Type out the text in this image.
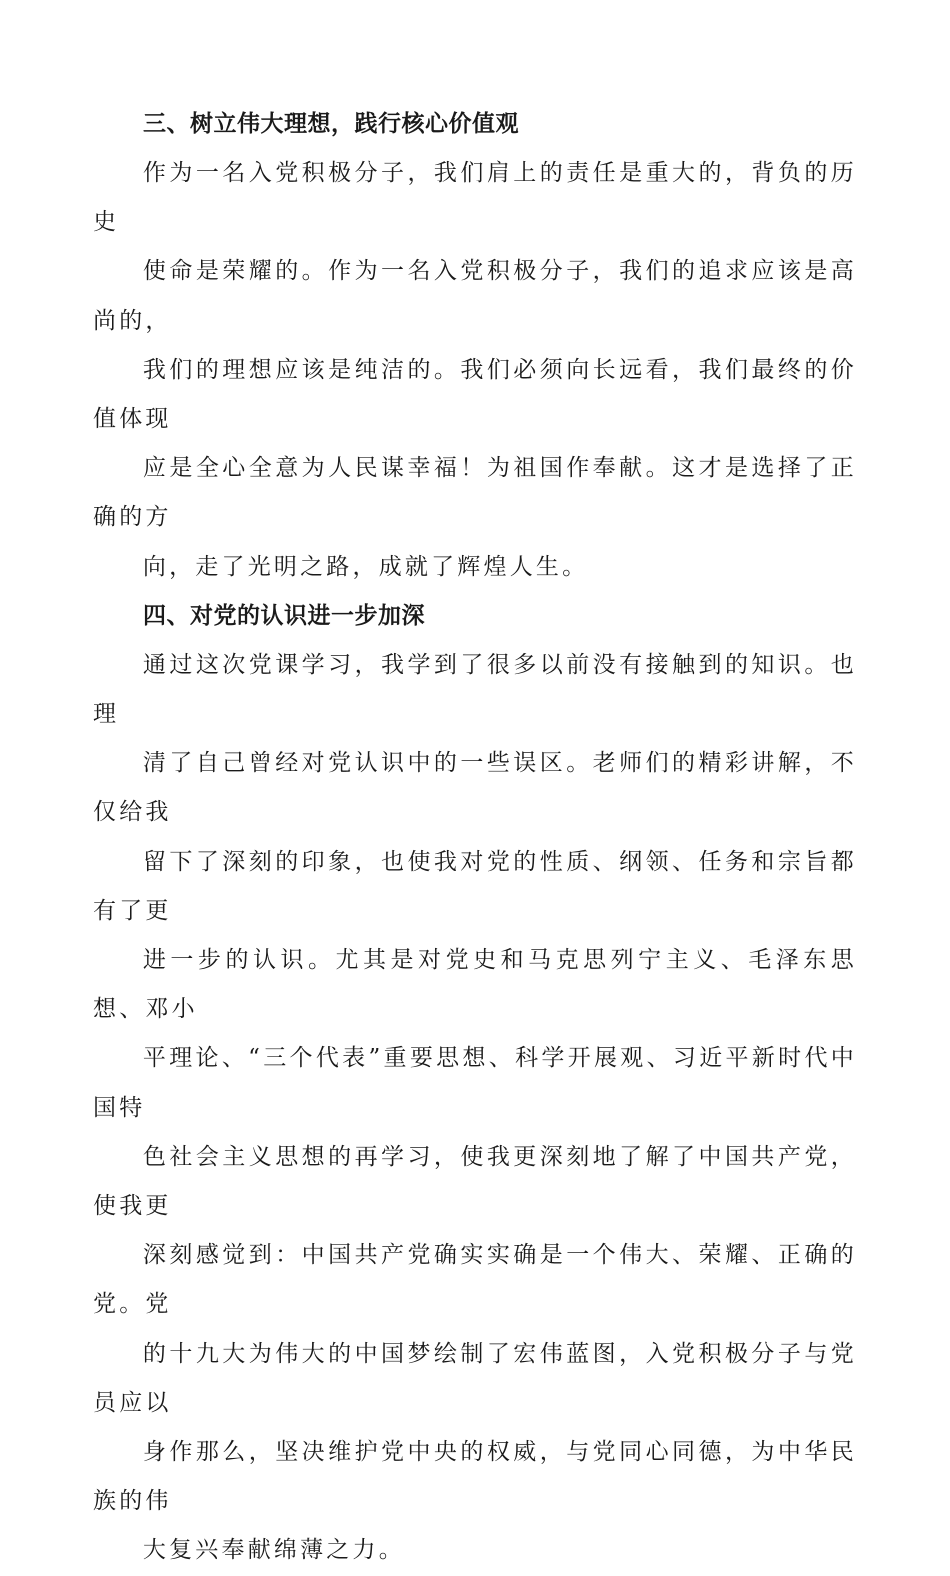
三、树立伟大理想，践行核心价值观

作为一名入党积极分子，我们肩上的责任是重大的，背负的历史
使命是荣耀的。作为一名入党积极分子，我们的追求应该是高尚的，
我们的理想应该是纯洁的。我们必须向长远看，我们最终的价值体现
应是全心全意为人民谋幸福！为祖国作奉献。这才是选择了正确的方
向，走了光明之路，成就了辉煌人生。

四、对党的认识进一步加深

通过这次党课学习，我学到了很多以前没有接触到的知识。也理
清了自己曾经对党认识中的一些误区。老师们的精彩讲解，不仅给我
留下了深刻的印象，也使我对党的性质、纲领、任务和宗旨都有了更
进一步的认识。尤其是对党史和马克思列宁主义、毛泽东思想、邓小
平理论、“三个代表”重要思想、科学开展观、习近平新时代中国特
色社会主义思想的再学习，使我更深刻地了解了中国共产党，使我更
深刻感觉到：中国共产党确实实确是一个伟大、荣耀、正确的党。党
的十九大为伟大的中国梦绘制了宏伟蓝图，入党积极分子与党员应以
身作那么，坚决维护党中央的权威，与党同心同德，为中华民族的伟
大复兴奉献绵薄之力。
